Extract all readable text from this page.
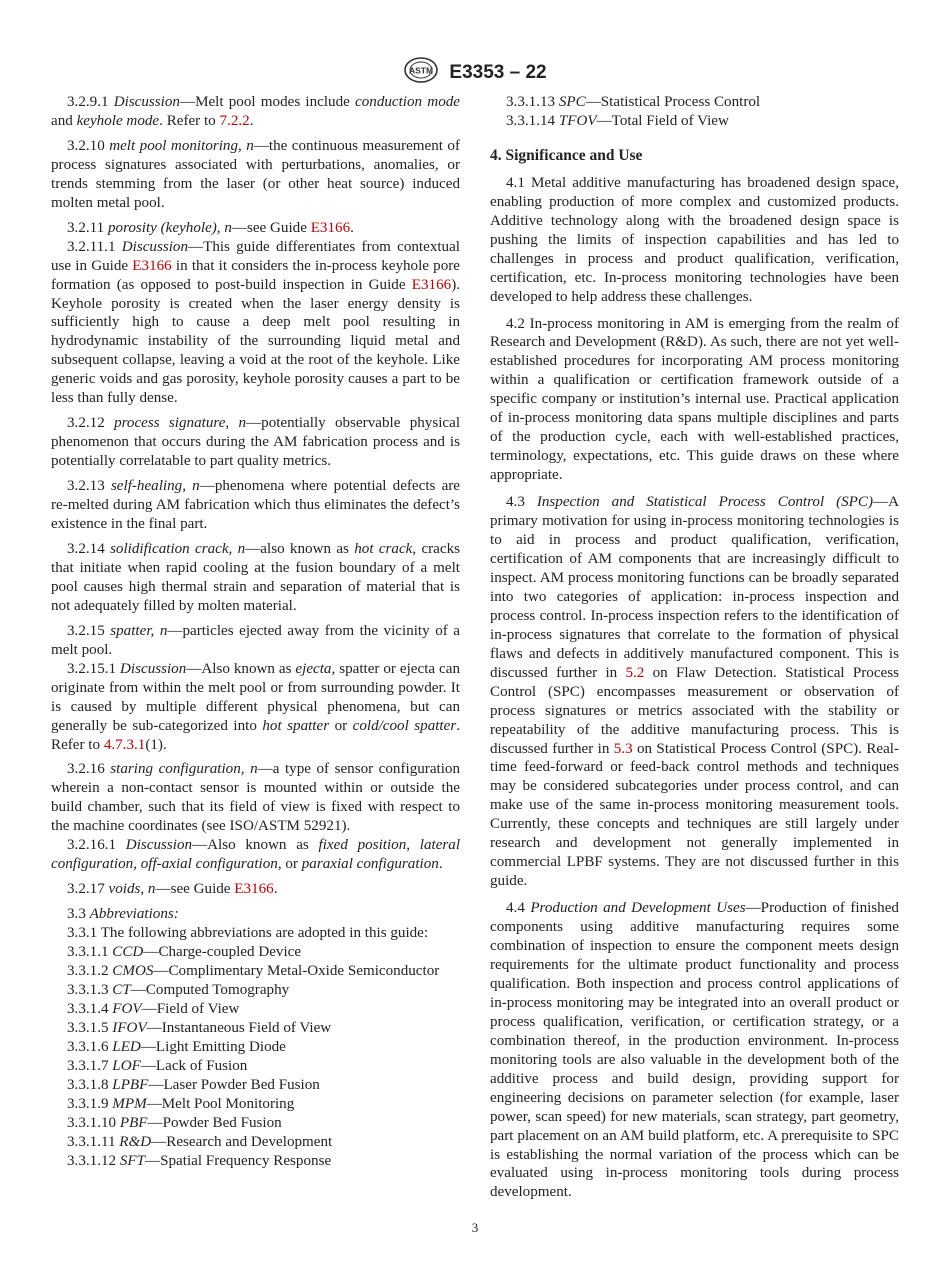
ASTM E3353 – 22

3.2.9.1 Discussion—Melt pool modes include conduction mode and keyhole mode. Refer to 7.2.2.

3.2.10 melt pool monitoring, n—the continuous measurement of process signatures associated with perturbations, anomalies, or trends stemming from the laser (or other heat source) induced molten metal pool.

3.2.11 porosity (keyhole), n—see Guide E3166.

3.2.11.1 Discussion—This guide differentiates from contextual use in Guide E3166 in that it considers the in-process keyhole pore formation (as opposed to post-build inspection in Guide E3166). Keyhole porosity is created when the laser energy density is sufficiently high to cause a deep melt pool resulting in hydrodynamic instability of the surrounding liquid metal and subsequent collapse, leaving a void at the root of the keyhole. Like generic voids and gas porosity, keyhole porosity causes a part to be less than fully dense.

3.2.12 process signature, n—potentially observable physical phenomenon that occurs during the AM fabrication process and is potentially correlatable to part quality metrics.

3.2.13 self-healing, n—phenomena where potential defects are re-melted during AM fabrication which thus eliminates the defect’s existence in the final part.

3.2.14 solidification crack, n—also known as hot crack, cracks that initiate when rapid cooling at the fusion boundary of a melt pool causes high thermal strain and separation of material that is not adequately filled by molten material.

3.2.15 spatter, n—particles ejected away from the vicinity of a melt pool.

3.2.15.1 Discussion—Also known as ejecta, spatter or ejecta can originate from within the melt pool or from surrounding powder. It is caused by multiple different physical phenomena, but can generally be sub-categorized into hot spatter or cold/cool spatter. Refer to 4.7.3.1(1).

3.2.16 staring configuration, n—a type of sensor configuration wherein a non-contact sensor is mounted within or outside the build chamber, such that its field of view is fixed with respect to the machine coordinates (see ISO/ASTM 52921).

3.2.16.1 Discussion—Also known as fixed position, lateral configuration, off-axial configuration, or paraxial configuration.

3.2.17 voids, n—see Guide E3166.

3.3 Abbreviations:

3.3.1 The following abbreviations are adopted in this guide:

3.3.1.1 CCD—Charge-coupled Device

3.3.1.2 CMOS—Complimentary Metal-Oxide Semiconductor

3.3.1.3 CT—Computed Tomography

3.3.1.4 FOV—Field of View

3.3.1.5 IFOV—Instantaneous Field of View

3.3.1.6 LED—Light Emitting Diode

3.3.1.7 LOF—Lack of Fusion

3.3.1.8 LPBF—Laser Powder Bed Fusion

3.3.1.9 MPM—Melt Pool Monitoring

3.3.1.10 PBF—Powder Bed Fusion

3.3.1.11 R&D—Research and Development

3.3.1.12 SFT—Spatial Frequency Response

3.3.1.13 SPC—Statistical Process Control

3.3.1.14 TFOV—Total Field of View

4. Significance and Use

4.1 Metal additive manufacturing has broadened design space, enabling production of more complex and customized products. Additive technology along with the broadened design space is pushing the limits of inspection capabilities and has led to challenges in process and product qualification, verification, certification, etc. In-process monitoring technologies have been developed to help address these challenges.

4.2 In-process monitoring in AM is emerging from the realm of Research and Development (R&D). As such, there are not yet well-established procedures for incorporating AM process monitoring within a qualification or certification framework outside of a specific company or institution’s internal use. Practical application of in-process monitoring data spans multiple disciplines and parts of the production cycle, each with well-established practices, terminology, expectations, etc. This guide draws on these where appropriate.

4.3 Inspection and Statistical Process Control (SPC)—A primary motivation for using in-process monitoring technologies is to aid in process and product qualification, verification, certification of AM components that are increasingly difficult to inspect. AM process monitoring functions can be broadly separated into two categories of application: in-process inspection and process control. In-process inspection refers to the identification of in-process signatures that correlate to the formation of physical flaws and defects in additively manufactured component. This is discussed further in 5.2 on Flaw Detection. Statistical Process Control (SPC) encompasses measurement or observation of process signatures or metrics associated with the stability or repeatability of the additive manufacturing process. This is discussed further in 5.3 on Statistical Process Control (SPC). Real-time feed-forward or feed-back control methods and techniques may be considered subcategories under process control, and can make use of the same in-process monitoring measurement tools. Currently, these concepts and techniques are still largely under research and development not generally implemented in commercial LPBF systems. They are not discussed further in this guide.

4.4 Production and Development Uses—Production of finished components using additive manufacturing requires some combination of inspection to ensure the component meets design requirements for the ultimate product functionality and process qualification. Both inspection and process control applications of in-process monitoring may be integrated into an overall product or process qualification, verification, or certification strategy, or a combination thereof, in the production environment. In-process monitoring tools are also valuable in the development both of the additive process and build design, providing support for engineering decisions on parameter selection (for example, laser power, scan speed) for new materials, scan strategy, part geometry, part placement on an AM build platform, etc. A prerequisite to SPC is establishing the normal variation of the process which can be evaluated using in-process monitoring tools during process development.

3
